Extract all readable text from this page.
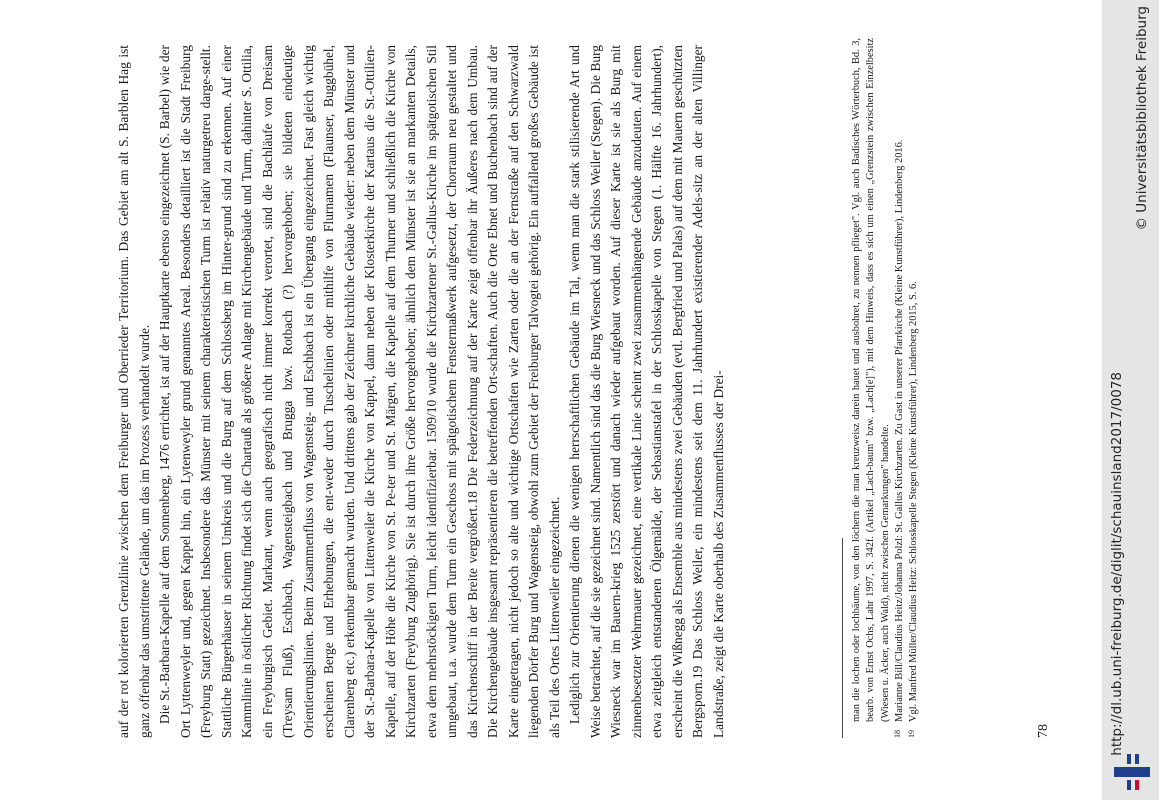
auf der rot kolorierten Grenzlinie zwischen dem Freiburger und Oberrieder Territorium. Das Gebiet am alt S. Barblen Hag ist ganz offenbar das umstrittene Gelände, um das im Prozess verhandelt wurde. Die St.-Barbara-Kapelle auf dem Sonnenberg, 1476 errichtet, ist auf der Hauptkarte ebenso eingezeichnet (S. Barbel) wie der Ort Lyttenweyler und, gegen Kappel hin, ein Lytenweyler grund genanntes Areal. Besonders detailliert ist die Stadt Freiburg (Freyburg Statt) gezeichnet. Insbesondere das Münster mit seinem charakteristischen Turm ist relativ naturgetreu darge-stellt. Stattliche Bürgerhäuser in seinem Umkreis und die Burg auf dem Schlossberg im Hinter-grund sind zu erkennen. Auf einer Kammlinie in östlicher Richtung findet sich die Chartauß als größere Anlage mit Kirchengebäude und Turm, dahinter S. Ottilia, ein Freyburgisch Gebiet. Markant, wenn auch geografisch nicht immer korrekt verortet, sind die Bachläufe von Dreisam (Treysam Fluß), Eschbach, Wagensteigbach und Brugga bzw. Rotbach (?) hervorgehoben; sie bildeten eindeutige Orientierungslinien. Beim Zusammenfluss von Wagensteig- und Eschbach ist ein Übergang eingezeichnet. Fast gleich wichtig erscheinen Berge und Erhebungen, die ent-weder durch Tuschelinien oder mithilfe von Flurnamen (Flaunser, Buggbühel, Clarenberg etc.) erkennbar gemacht wurden. Und drittens gab der Zeichner kirchliche Gebäude wieder: neben dem Münster und der St.-Barbara-Kapelle von Littenweiler die Kirche von Kappel, dann neben der Klosterkirche der Kartaus die St.-Ottilien-Kapelle, auf der Höhe die Kirche von St. Pe-ter und St. Märgen, die Kapelle auf dem Thurner und schließlich die Kirche von Kirchzarten (Freyburg Zughörig). Sie ist durch ihre Größe hervorgehoben; ähnlich dem Münster ist sie an markanten Details, etwa dem mehrstöckigen Turm, leicht identifizierbar. 1509/10 wurde die Kirchzartener St.-Gallus-Kirche im spätgotischen Stil umgebaut, u.a. wurde dem Turm ein Geschoss mit spätgotischem Fenstermaßwerk aufgesetzt, der Chorraum neu gestaltet und das Kirchenschiff in der Breite vergrößert.18 Die Federzeichnung auf der Karte zeigt offenbar ihr Äußeres nach dem Umbau. Die Kirchengebäude insgesamt repräsentieren die betreffenden Ort-schaften. Auch die Orte Ebnet und Buchenbach sind auf der Karte eingetragen, nicht jedoch so alte und wichtige Ortschaften wie Zarten oder die an der Fernstraße auf den Schwarzwald liegenden Dörfer Burg und Wagensteig, obwohl zum Gebiet der Freiburger Talvogtei gehörig. Ein auffallend großes Gebäude ist als Teil des Ortes Littenweiler eingezeichnet. Lediglich zur Orientierung dienen die wenigen herrschaftlichen Gebäude im Tal, wenn man die stark stilisierende Art und Weise betrachtet, auf die sie gezeichnet sind. Namentlich sind das die Burg Wiesneck und das Schloss Weiler (Stegen). Die Burg Wiesneck war im Bauern-krieg 1525 zerstört und danach wieder aufgebaut worden. Auf dieser Karte ist sie als Burg mit zinnenbesetzter Wehrmauer gezeichnet, eine vertikale Linie scheint zwei zusammenhängende Gebäude anzudeuten. Auf einem etwa zeitgleich entstandenen Ölgemälde, der Sebastianstafel in der Schlosskapelle von Stegen (1. Hälfte 16. Jahrhundert), erscheint die Wißnegg als Ensemble aus mindestens zwei Gebäuden (evtl. Bergfried und Palas) auf dem mit Mauern geschützten Bergsporn.19 Das Schloss Weiler, ein mindestens seit dem 11. Jahrhundert existierender Adels-sitz an der alten Villinger Landstraße, zeigt die Karte oberhalb des Zusammenflusses der Drei-	man die lochen oder lochbäume, von den löchern die man kreuzweisz darein hauet und ausbohret, zu nennen pflieget". Vgl. auch Badisches Wörterbuch, Bd. 3, bearb. von Ernst Ochs, Lahr 1997, S. 342f. (Artikel „Lach-baum" bzw. „Lach[e]"), mit dem Hinweis, dass es sich um einen „Grenzstein zwischen Einzelbesitz (Wiesen u. Äcker, auch Wald), nicht zwischen Gemarkungen" handelte.

18
Marianne Bill/Claudius Heitz/Johanna Polzl: St. Gallus Kirchzarten. Zu Gast in unserer Pfarrkirche (Kleine Kunstführer), Lindenberg 2016.

19
Vgl. Manfred Müller/Claudius Heitz: Schlosskapelle Stegen (Kleine Kunstführer), Lindenberg 2015, S. 6.

78	http://dl.ub.uni-freiburg.de/diglit/schauinsland2017/0078
© Universitätsbibliothek Freiburg
